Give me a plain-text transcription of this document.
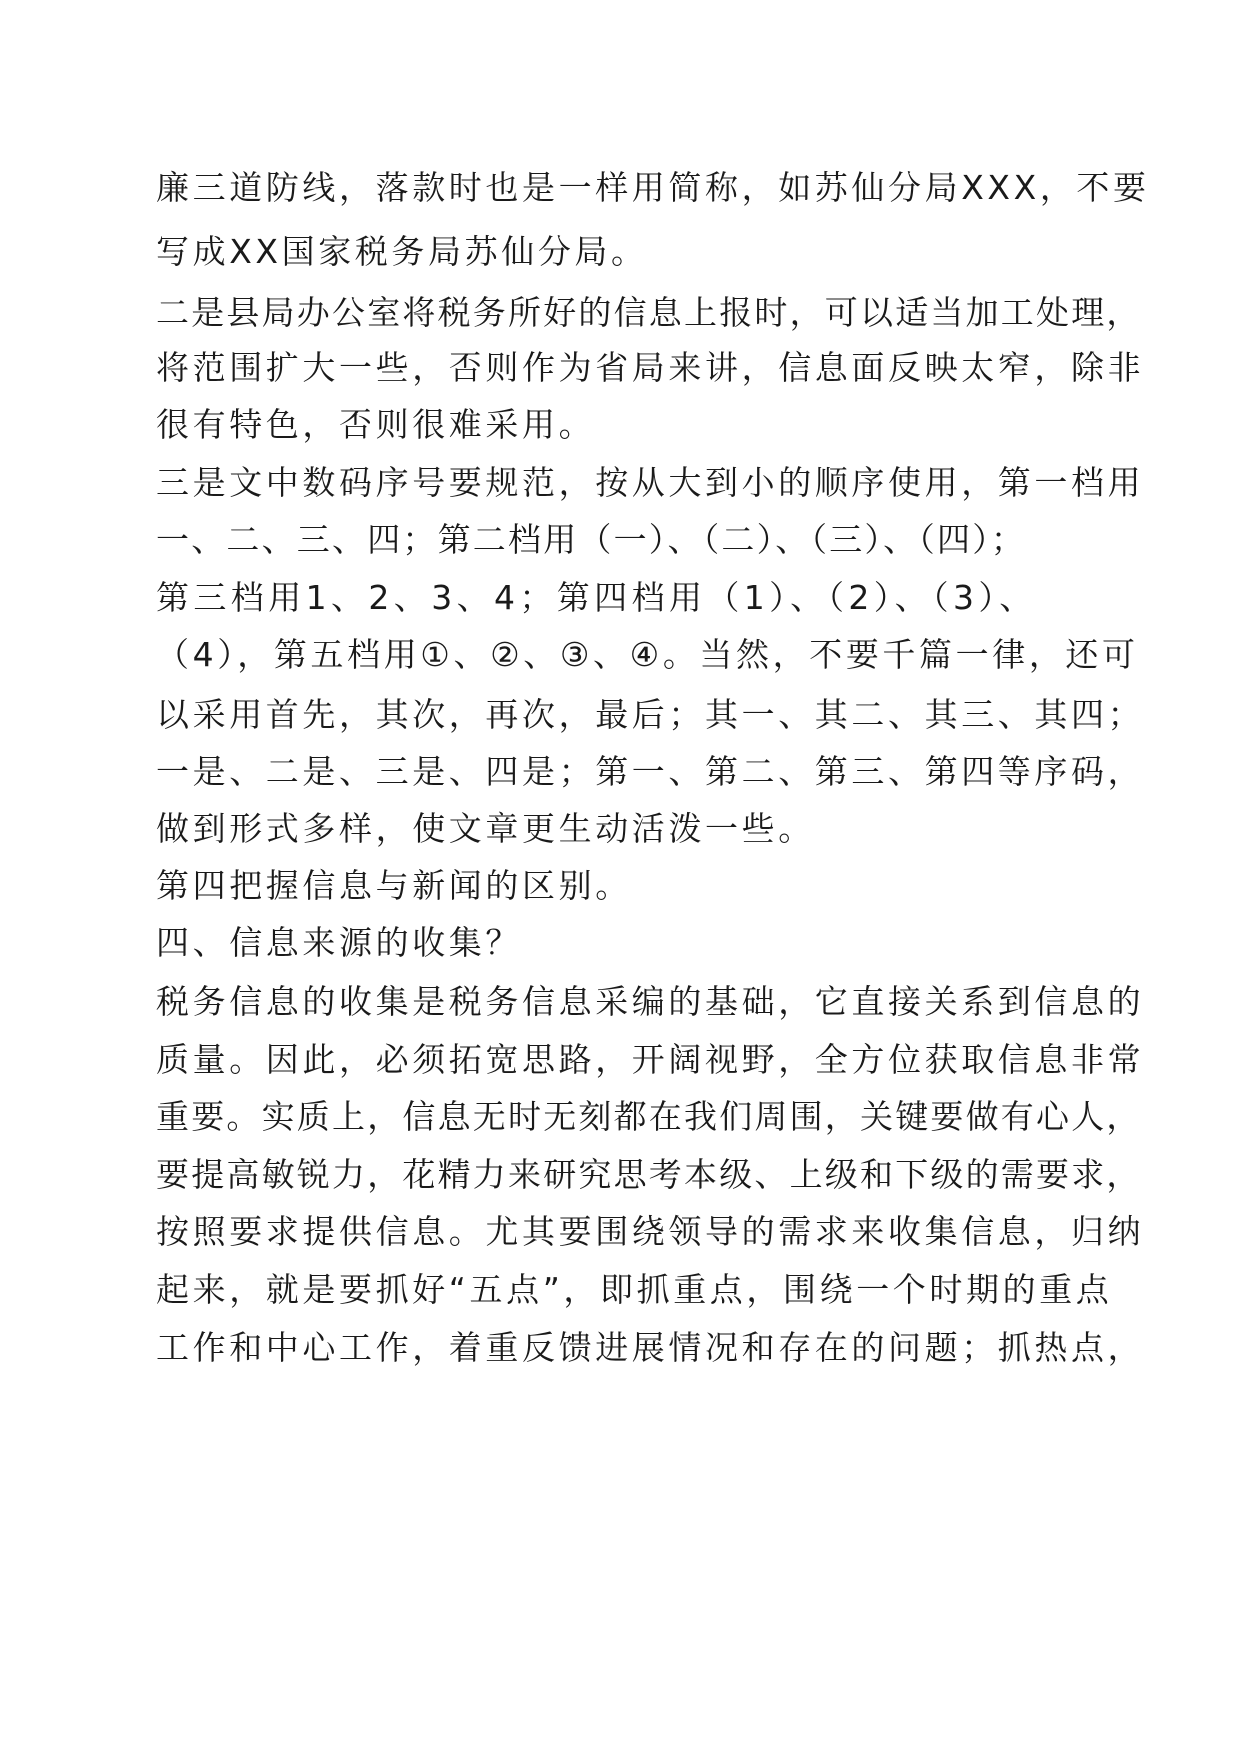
廉三道防线，落款时也是一样用简称，如苏仙分局XXX，不要
写成XX国家税务局苏仙分局。
二是县局办公室将税务所好的信息上报时，可以适当加工处理，
将范围扩大一些，否则作为省局来讲，信息面反映太窄，除非
很有特色，否则很难采用。
三是文中数码序号要规范，按从大到小的顺序使用，第一档用
一、二、三、四；第二档用（一）、（二）、（三）、（四）；
第三档用1、2、3、4；第四档用（1）、（2）、（3）、
（4），第五档用①、②、③、④。当然，不要千篇一律，还可
以采用首先，其次，再次，最后；其一、其二、其三、其四；
一是、二是、三是、四是；第一、第二、第三、第四等序码，
做到形式多样，使文章更生动活泼一些。
第四把握信息与新闻的区别。
四、信息来源的收集？
税务信息的收集是税务信息采编的基础，它直接关系到信息的
质量。因此，必须拓宽思路，开阔视野，全方位获取信息非常
重要。实质上，信息无时无刻都在我们周围，关键要做有心人，
要提高敏锐力，花精力来研究思考本级、上级和下级的需要求，
按照要求提供信息。尤其要围绕领导的需求来收集信息，归纳
起来，就是要抓好“五点”，即抓重点，围绕一个时期的重点
工作和中心工作，着重反馈进展情况和存在的问题；抓热点，
